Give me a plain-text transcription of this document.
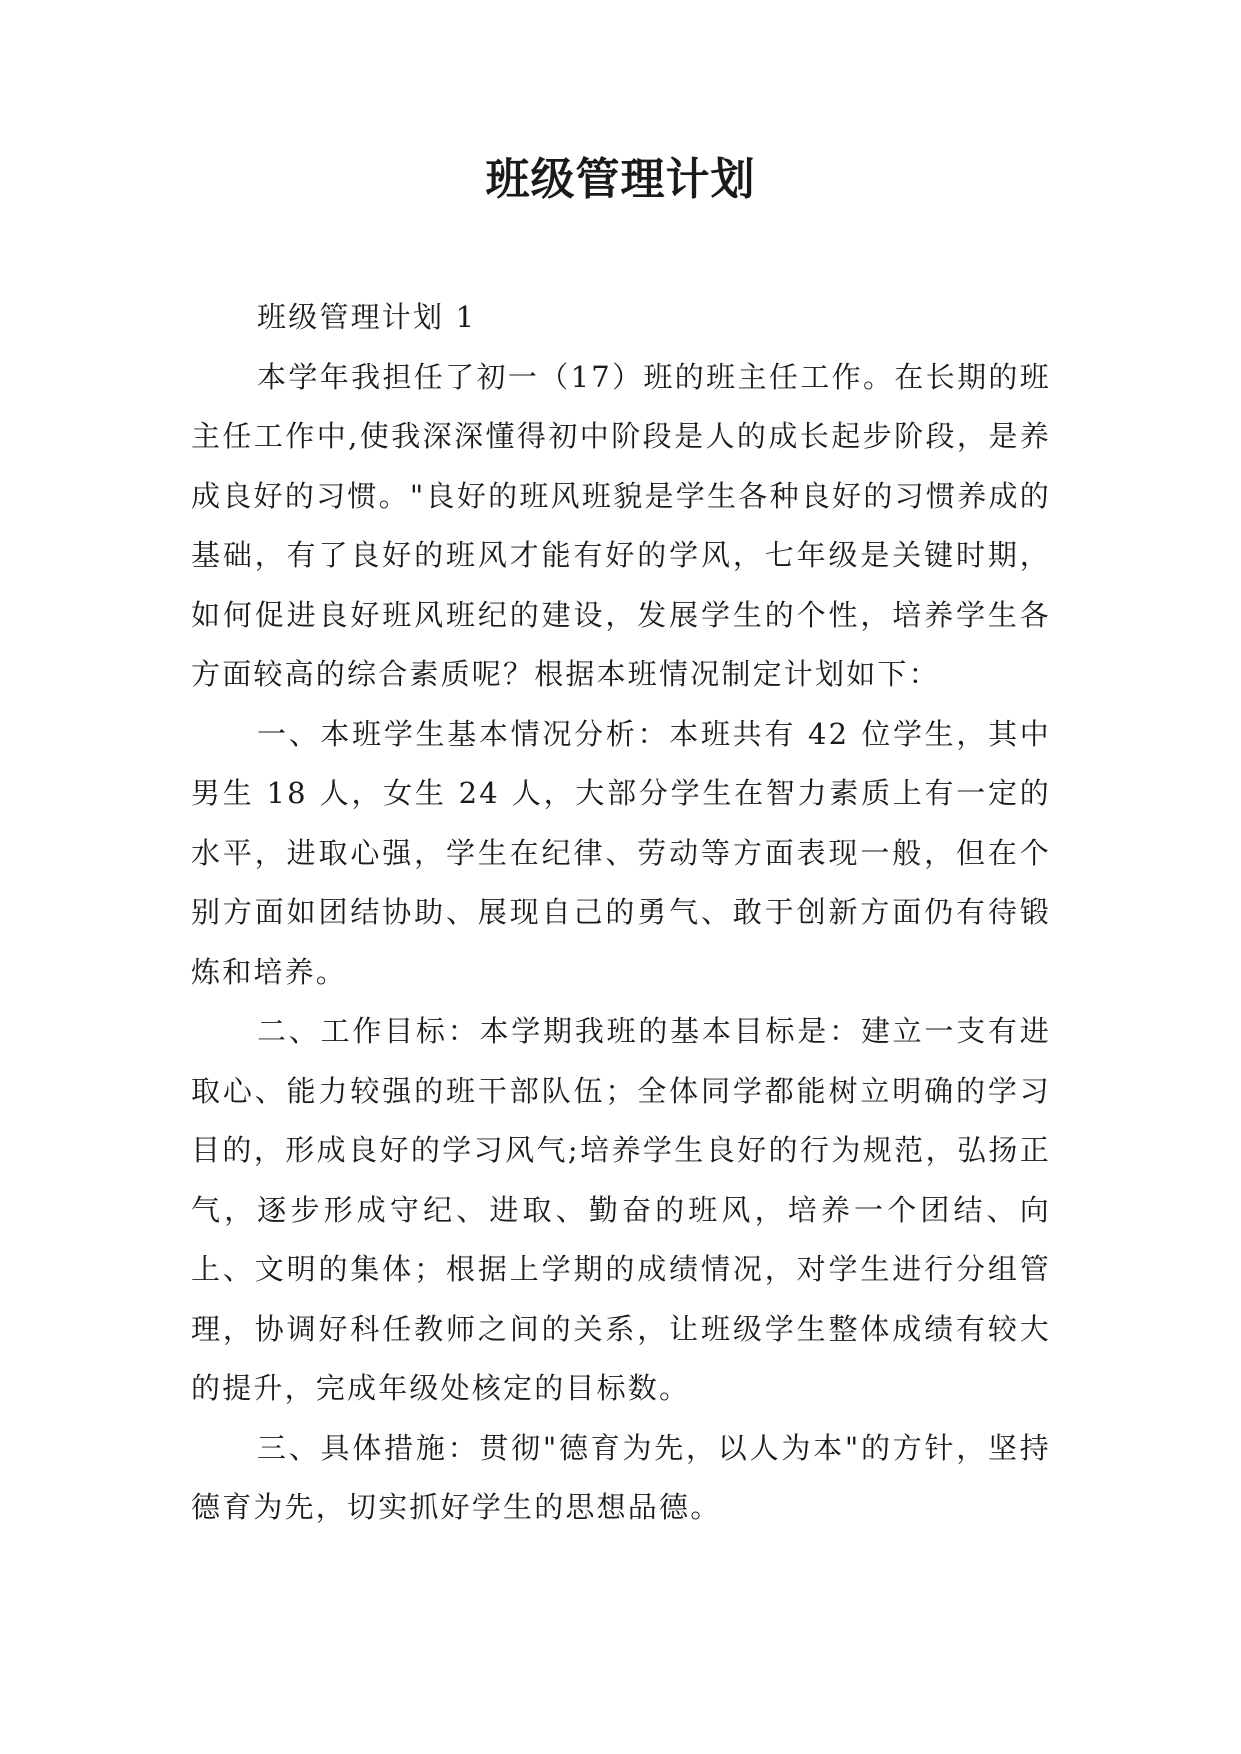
班级管理计划

班级管理计划 1

本学年我担任了初一（17）班的班主任工作。在长期的班主任工作中,使我深深懂得初中阶段是人的成长起步阶段，是养成良好的习惯。"良好的班风班貌是学生各种良好的习惯养成的基础，有了良好的班风才能有好的学风，七年级是关键时期，如何促进良好班风班纪的建设，发展学生的个性，培养学生各方面较高的综合素质呢？根据本班情况制定计划如下：

一、本班学生基本情况分析：本班共有 42 位学生，其中男生 18 人，女生 24 人，大部分学生在智力素质上有一定的水平，进取心强，学生在纪律、劳动等方面表现一般，但在个别方面如团结协助、展现自己的勇气、敢于创新方面仍有待锻炼和培养。

二、工作目标：本学期我班的基本目标是：建立一支有进取心、能力较强的班干部队伍；全体同学都能树立明确的学习目的，形成良好的学习风气;培养学生良好的行为规范，弘扬正气，逐步形成守纪、进取、勤奋的班风，培养一个团结、向上、文明的集体；根据上学期的成绩情况，对学生进行分组管理，协调好科任教师之间的关系，让班级学生整体成绩有较大的提升，完成年级处核定的目标数。

三、具体措施：贯彻"德育为先，以人为本"的方针，坚持德育为先，切实抓好学生的思想品德。
